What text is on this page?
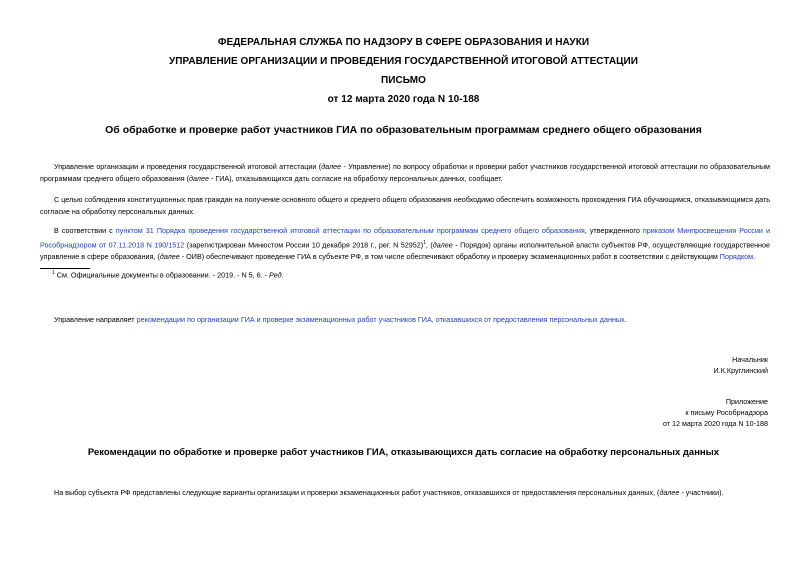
ФЕДЕРАЛЬНАЯ СЛУЖБА ПО НАДЗОРУ В СФЕРЕ ОБРАЗОВАНИЯ И НАУКИ
УПРАВЛЕНИЕ ОРГАНИЗАЦИИ И ПРОВЕДЕНИЯ ГОСУДАРСТВЕННОЙ ИТОГОВОЙ АТТЕСТАЦИИ
ПИСЬМО
от 12 марта 2020 года N 10-188
Об обработке и проверке работ участников ГИА по образовательным программам среднего общего образования
Управление организации и проведения государственной итоговой аттестации (далее - Управление) по вопросу обработки и проверки работ участников государственной итоговой аттестации по образовательным программам среднего общего образования (далее - ГИА), отказывающихся дать согласие на обработку персональных данных, сообщает.
С целью соблюдения конституционных прав граждан на получение основного общего и среднего общего образования необходимо обеспечить возможность прохождения ГИА обучающимся, отказывающимся дать согласие на обработку персональных данных.
В соответствии с пунктом 31 Порядка проведения государственной итоговой аттестации по образовательным программам среднего общего образования, утвержденного приказом Минпросвещения России и Рособрнадзором от 07.11.2018 N 190/1512 (зарегистрирован Минюстом России 10 декабря 2018 г., рег. N 52952)$^1$, (далее - Порядок) органы исполнительной власти субъектов РФ, осуществляющие государственное управление в сфере образования, (далее - ОИВ) обеспечивают проведение ГИА в субъекте РФ, в том числе обеспечивают обработку и проверку экзаменационных работ в соответствии с действующим Порядком.
$^1$ См. Официальные документы в образовании. - 2019. - N 5, 6. - Ред.
Управление направляет рекомендации по организации ГИА и проверке экзаменационных работ участников ГИА, отказавшихся от предоставления персональных данных.
Начальник
И.К.Круглинский
Приложение
к письму Рособрнадзора
от 12 марта 2020 года N 10-188
Рекомендации по обработке и проверке работ участников ГИА, отказывающихся дать согласие на обработку персональных данных
На выбор субъекта РФ представлены следующие варианты организации и проверки экзаменационных работ участников, отказавшихся от предоставления персональных данных, (далее - участники).
